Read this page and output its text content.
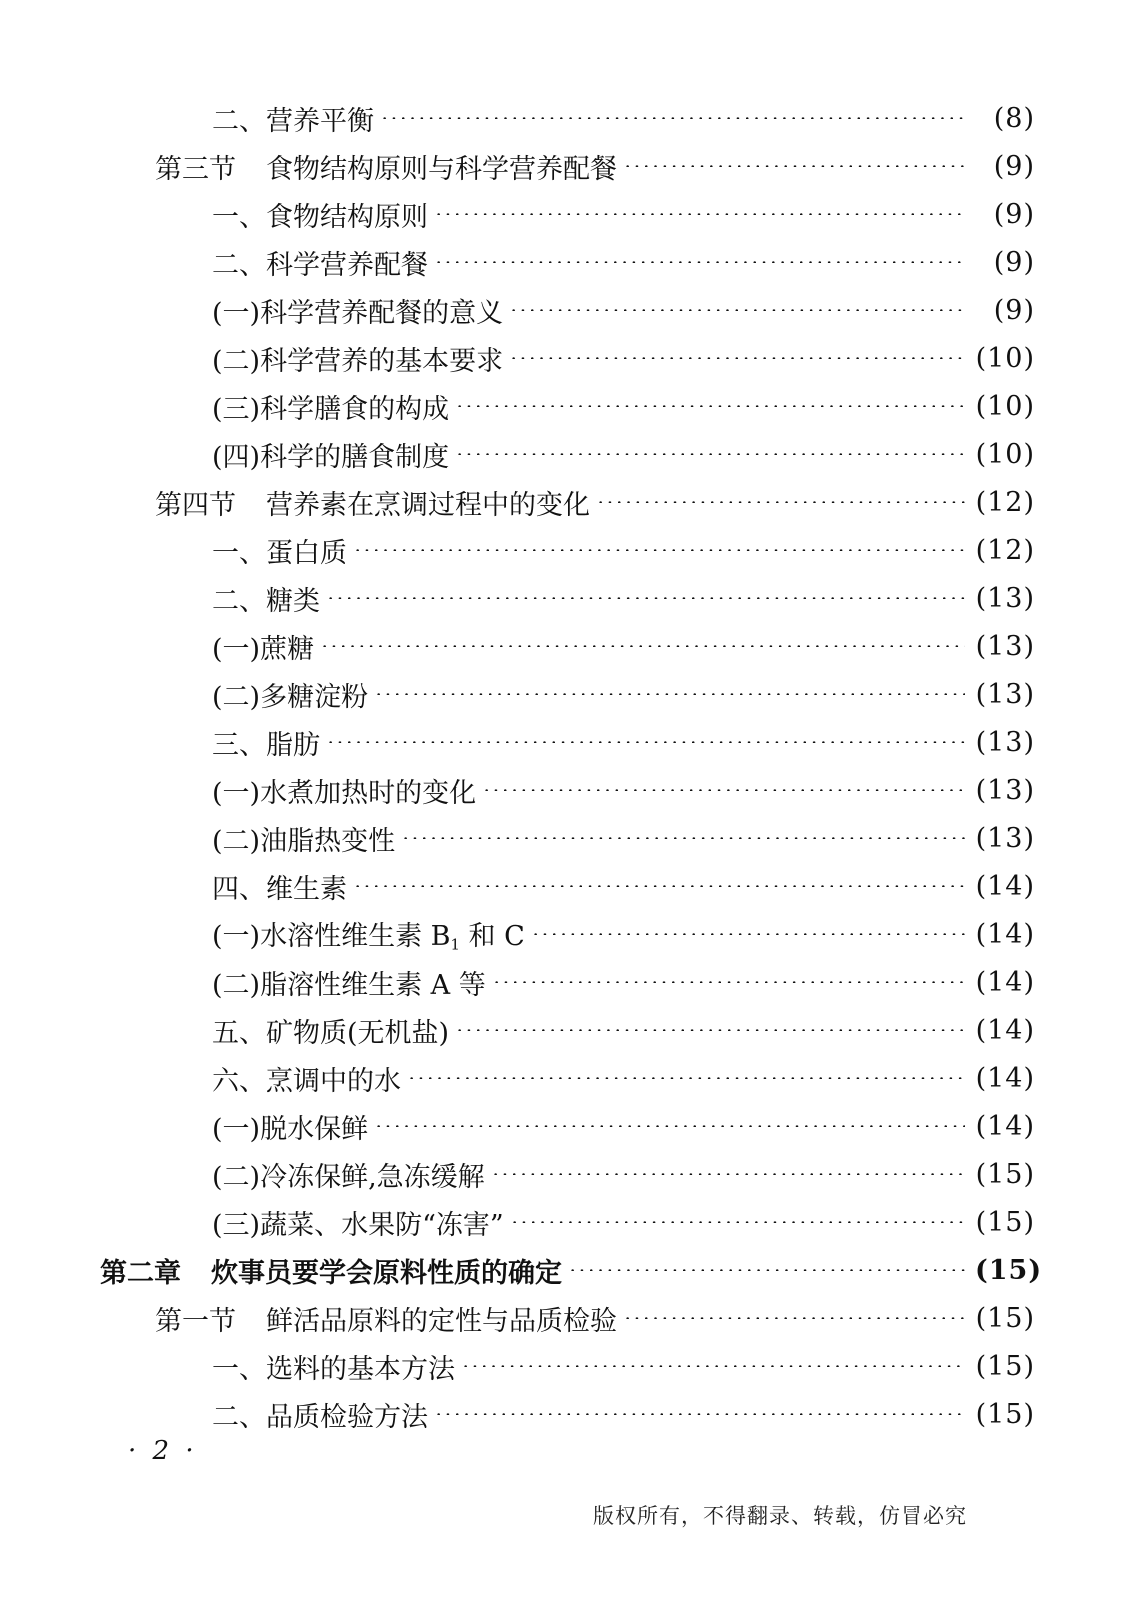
二、营养平衡	(8)
第三节 食物结构原则与科学营养配餐	(9)
一、食物结构原则	(9)
二、科学营养配餐	(9)
(一)科学营养配餐的意义	(9)
(二)科学营养的基本要求	(10)
(三)科学膳食的构成	(10)
(四)科学的膳食制度	(10)
第四节 营养素在烹调过程中的变化	(12)
一、蛋白质	(12)
二、糖类	(13)
(一)蔗糖	(13)
(二)多糖淀粉	(13)
三、脂肪	(13)
(一)水煮加热时的变化	(13)
(二)油脂热变性	(13)
四、维生素	(14)
(一)水溶性维生素 $B_1$ 和 C	(14)
(二)脂溶性维生素 A 等	(14)
五、矿物质(无机盐)	(14)
六、烹调中的水	(14)
(一)脱水保鲜	(14)
(二)冷冻保鲜,急冻缓解	(15)
(三)蔬菜、水果防“冻害”	(15)
第二章 炊事员要学会原料性质的确定	(15)
第一节 鲜活品原料的定性与品质检验	(15)
一、选料的基本方法	(15)
二、品质检验方法	(15)
· 2 ·
版权所有，不得翻录、转载，仿冒必究
